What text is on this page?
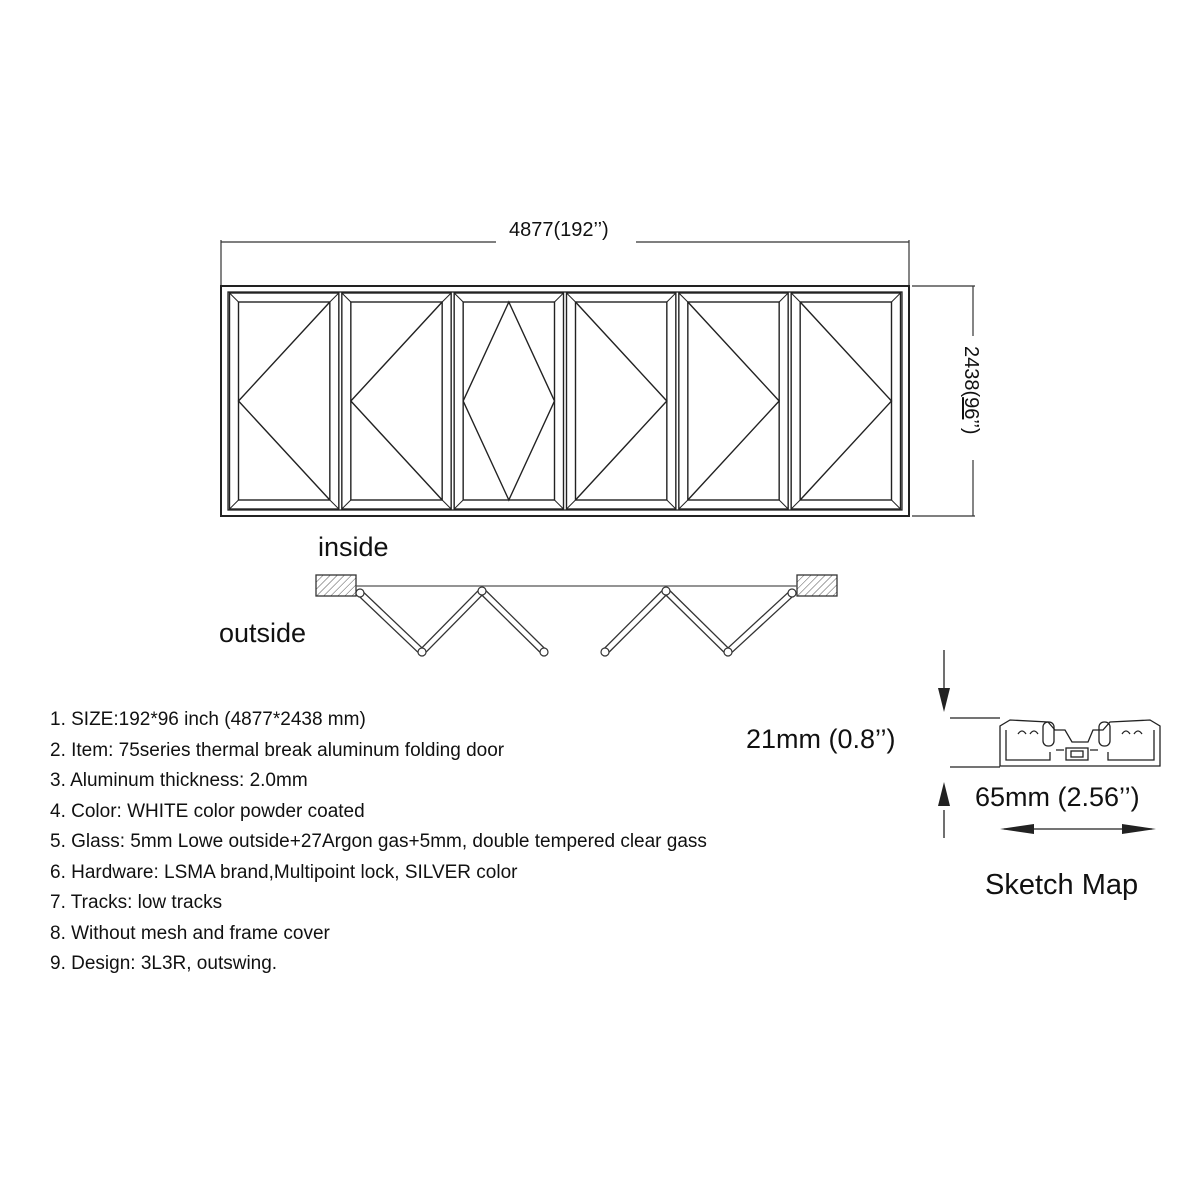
4877(192’’)
2438(96’’)
inside
outside
21mm (0.8’’)
65mm (2.56’’)
Sketch Map
1. SIZE:192*96 inch (4877*2438 mm)
2. Item: 75series thermal break aluminum folding door
3. Aluminum thickness: 2.0mm
4. Color: WHITE color powder coated
5. Glass: 5mm Lowe outside+27Argon gas+5mm, double tempered clear gass
6. Hardware: LSMA brand,Multipoint lock, SILVER color
7. Tracks: low tracks
8. Without mesh and frame cover
9. Design: 3L3R, outswing.
